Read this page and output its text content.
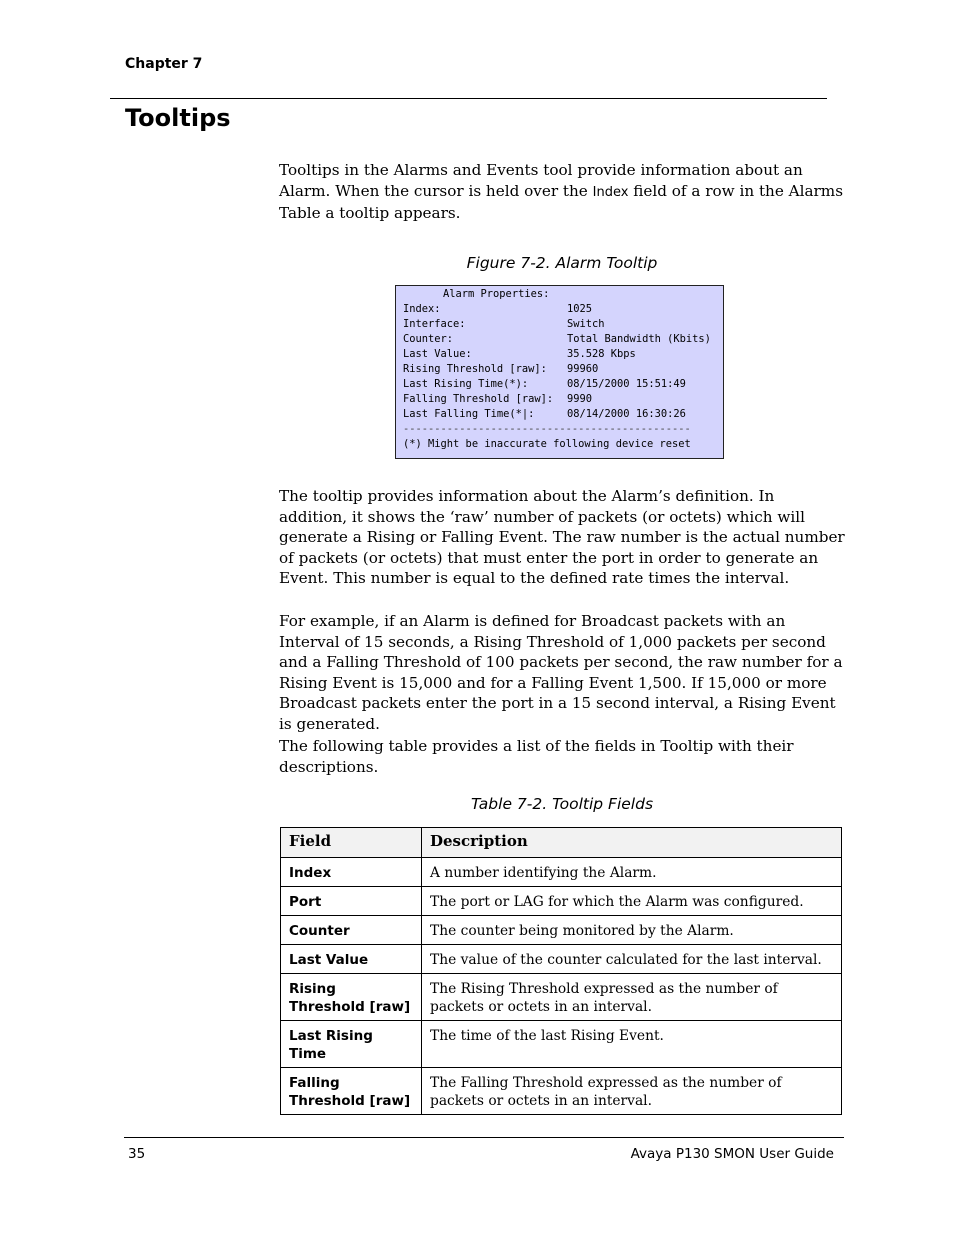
Chapter 7
Tooltips

Tooltips in the Alarms and Events tool provide information about an Alarm. When the cursor is held over the Index field of a row in the Alarms Table a tooltip appears.

Figure 7-2. Alarm Tooltip
Alarm Properties:
Index:	1025
Interface:	Switch
Counter:	Total Bandwidth (Kbits)
Last Value:	35.528 Kbps
Rising Threshold [raw]:	99960
Last Rising Time(*):	08/15/2000 15:51:49
Falling Threshold [raw]:	9990
Last Falling Time(*|:	08/14/2000 16:30:26
----------------------------------------------
(*) Might be inaccurate following device reset

The tooltip provides information about the Alarm’s definition. In addition, it shows the ‘raw’ number of packets (or octets) which will generate a Rising or Falling Event. The raw number is the actual number of packets (or octets) that must enter the port in order to generate an Event. This number is equal to the defined rate times the interval.

For example, if an Alarm is defined for Broadcast packets with an Interval of 15 seconds, a Rising Threshold of 1,000 packets per second and a Falling Threshold of 100 packets per second, the raw number for a Rising Event is 15,000 and for a Falling Event 1,500. If 15,000 or more Broadcast packets enter the port in a 15 second interval, a Rising Event is generated.

The following table provides a list of the fields in Tooltip with their descriptions.

Table 7-2. Tooltip Fields
Field	Description
Index	A number identifying the Alarm.
Port	The port or LAG for which the Alarm was configured.
Counter	The counter being monitored by the Alarm.
Last Value	The value of the counter calculated for the last interval.
Rising Threshold [raw]	The Rising Threshold expressed as the number of packets or octets in an interval.
Last Rising Time	The time of the last Rising Event.
Falling Threshold [raw]	The Falling Threshold expressed as the number of packets or octets in an interval.
35	Avaya P130 SMON User Guide
